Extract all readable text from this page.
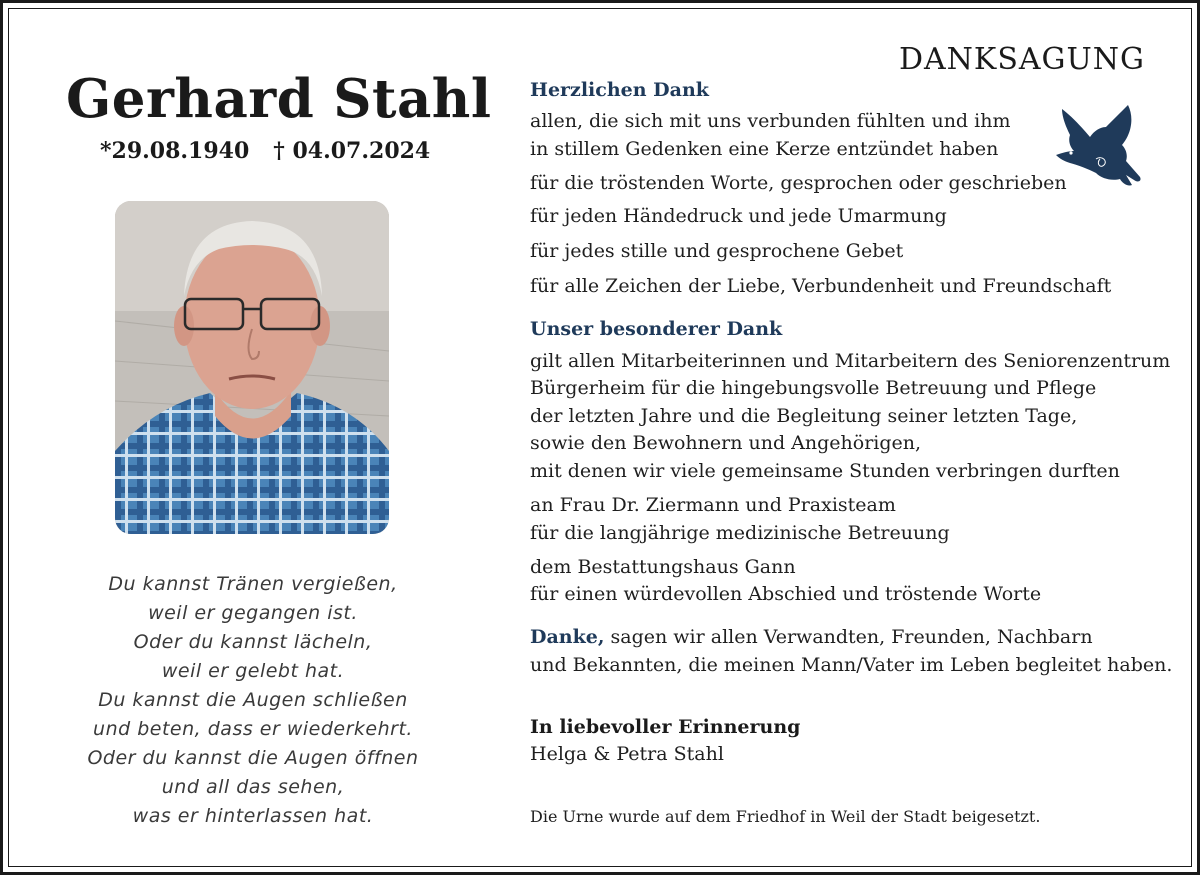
Gerhard Stahl
*29.08.1940 † 04.07.2024
Du kannst Tränen vergießen,
weil er gegangen ist.
Oder du kannst lächeln,
weil er gelebt hat.
Du kannst die Augen schließen
und beten, dass er wiederkehrt.
Oder du kannst die Augen öffnen
und all das sehen,
was er hinterlassen hat.
DANKSAGUNG
Herzlichen Dank
allen, die sich mit uns verbunden fühlten und ihm
in stillem Gedenken eine Kerze entzündet haben
für die tröstenden Worte, gesprochen oder geschrieben
für jeden Händedruck und jede Umarmung
für jedes stille und gesprochene Gebet
für alle Zeichen der Liebe, Verbundenheit und Freundschaft
Unser besonderer Dank
gilt allen Mitarbeiterinnen und Mitarbeitern des Seniorenzentrum
Bürgerheim für die hingebungsvolle Betreuung und Pflege
der letzten Jahre und die Begleitung seiner letzten Tage,
sowie den Bewohnern und Angehörigen,
mit denen wir viele gemeinsame Stunden verbringen durften
an Frau Dr. Ziermann und Praxisteam
für die langjährige medizinische Betreuung
dem Bestattungshaus Gann
für einen würdevollen Abschied und tröstende Worte
Danke, sagen wir allen Verwandten, Freunden, Nachbarn
und Bekannten, die meinen Mann/Vater im Leben begleitet haben.
In liebevoller Erinnerung
Helga & Petra Stahl
Die Urne wurde auf dem Friedhof in Weil der Stadt beigesetzt.
